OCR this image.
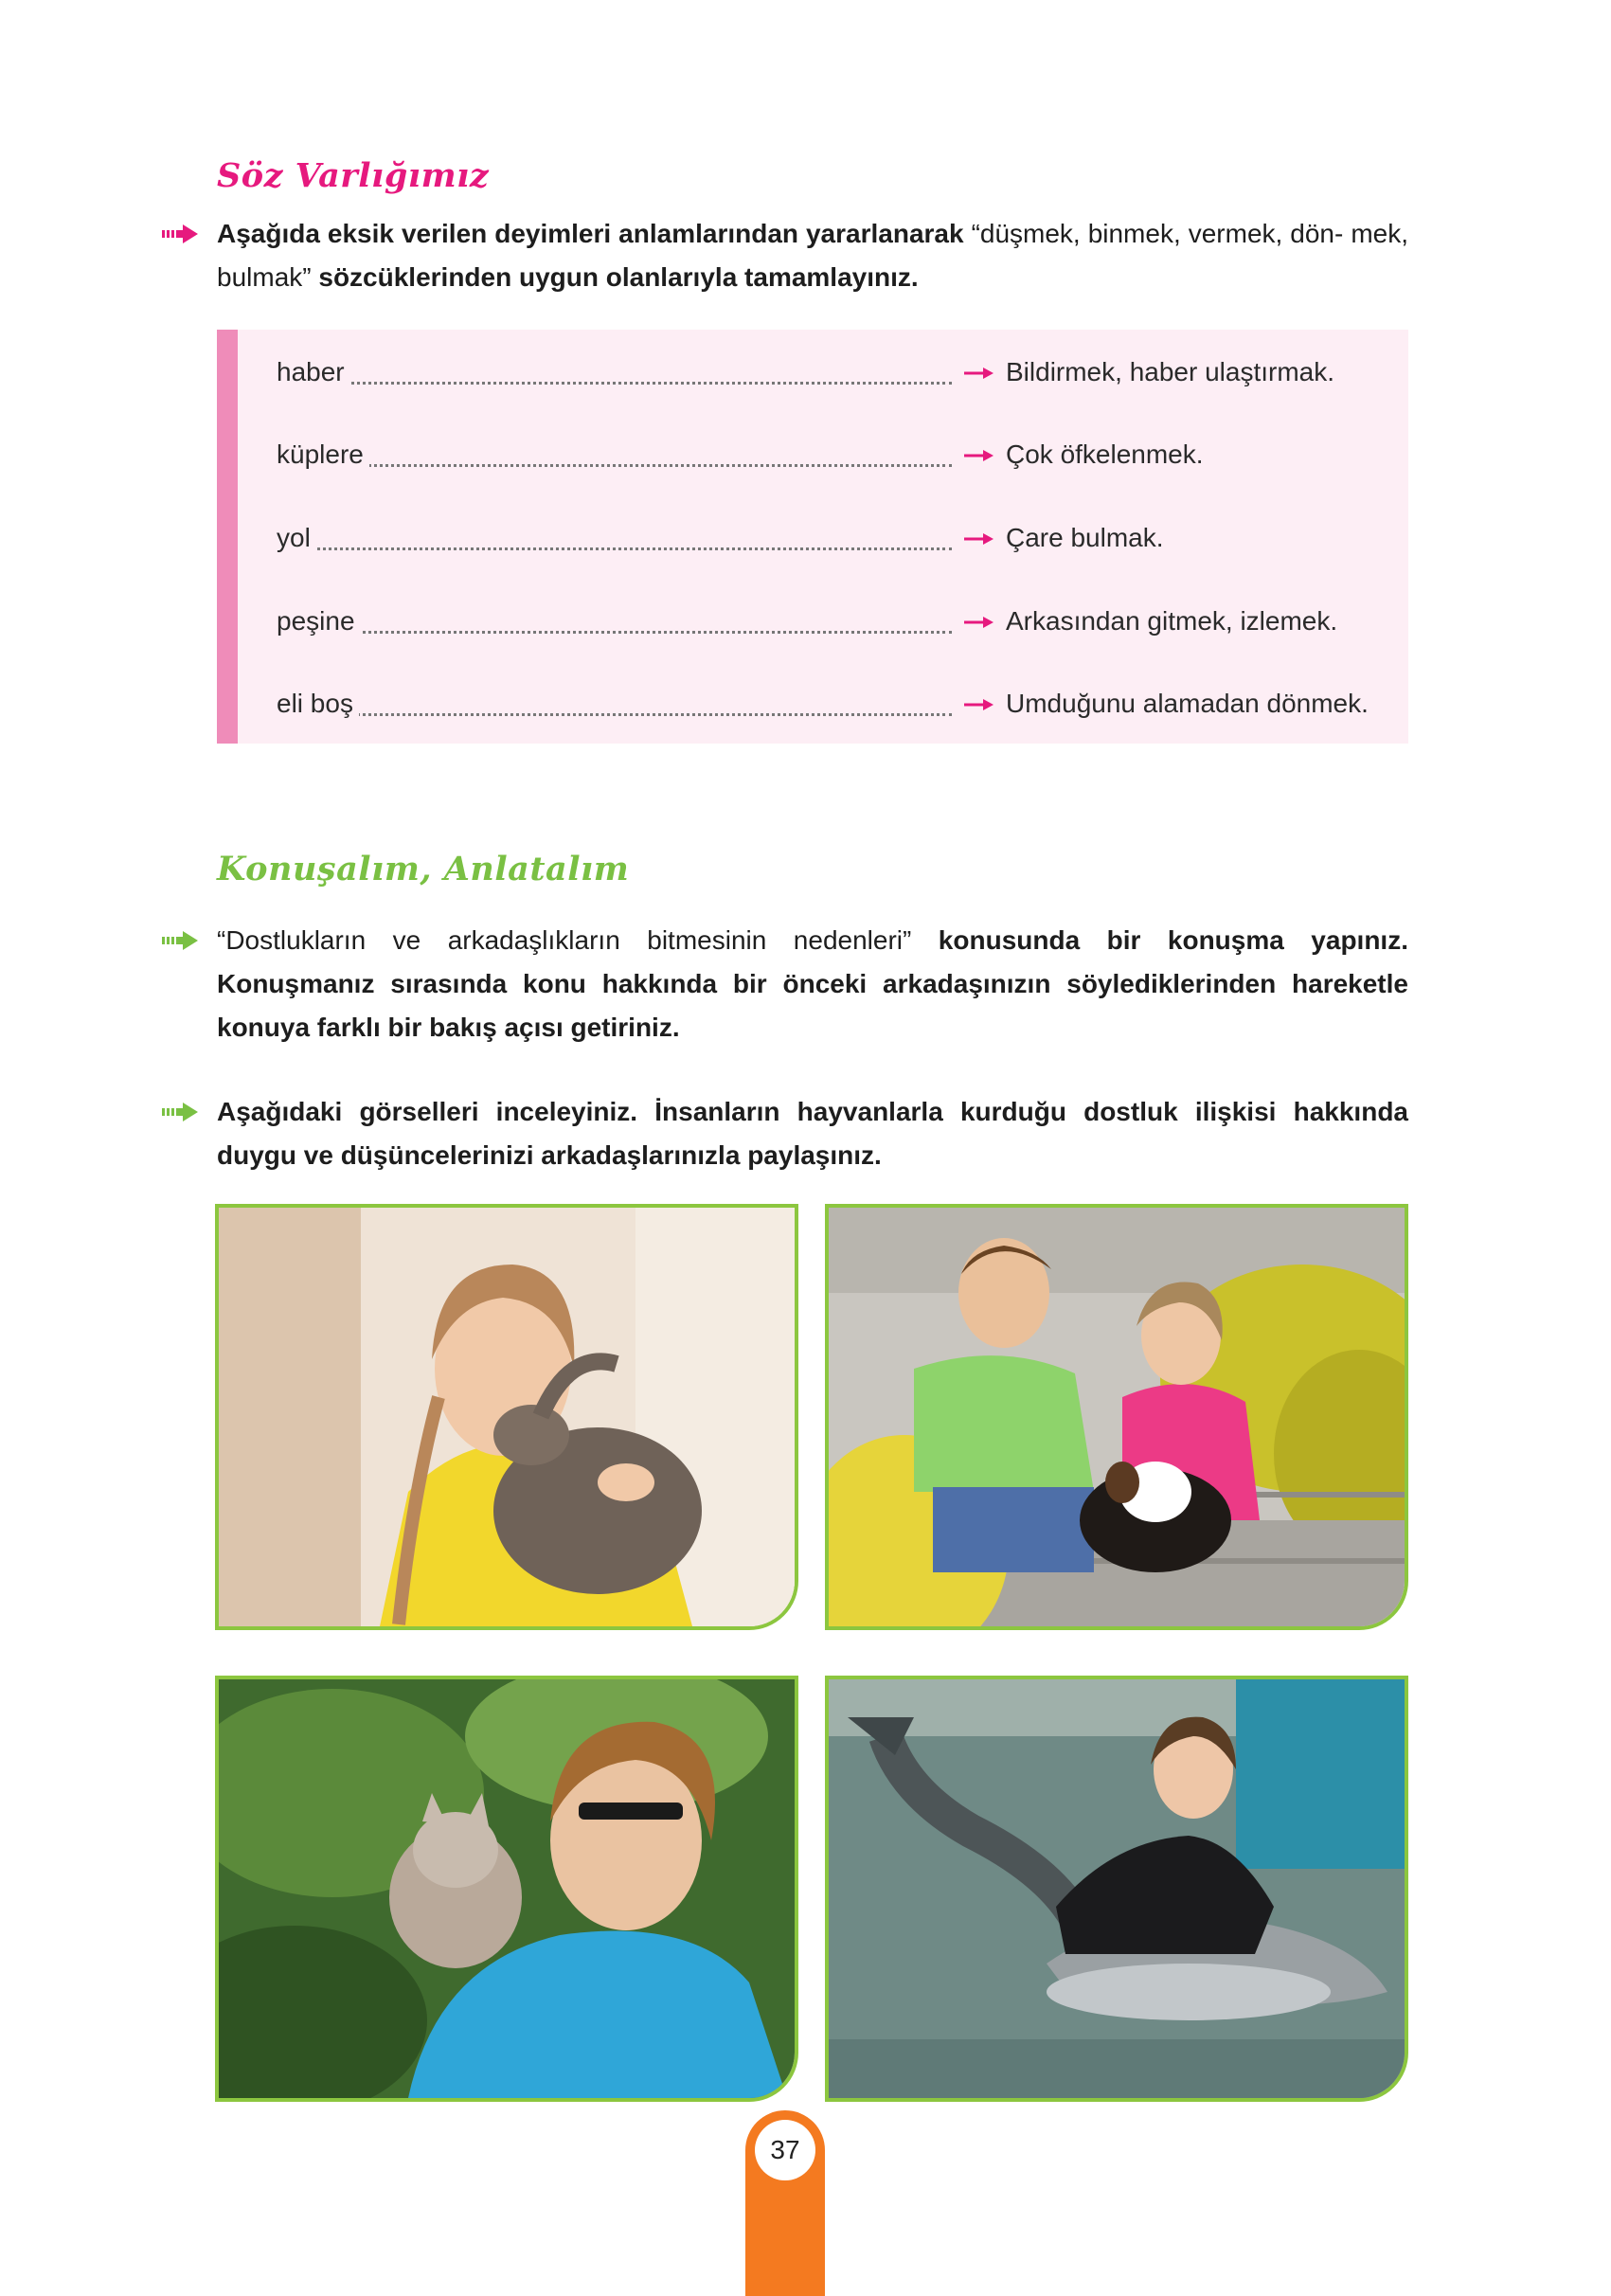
Söz Varlığımız
Aşağıda eksik verilen deyimleri anlamlarından yararlanarak “düşmek, binmek, vermek, dön- mek, bulmak” sözcüklerinden uygun olanlarıyla tamamlayınız.
haber	Bildirmek, haber ulaştırmak.
küplere	Çok öfkelenmek.
yol	Çare bulmak.
peşine	Arkasından gitmek, izlemek.
eli boş	Umduğunu alamadan dönmek.
Konuşalım, Anlatalım
“Dostlukların ve arkadaşlıkların bitmesinin nedenleri” konusunda bir konuşma yapınız. Konuşmanız sırasında konu hakkında bir önceki arkadaşınızın söylediklerinden hareketle konuya farklı bir bakış açısı getiriniz.
Aşağıdaki görselleri inceleyiniz. İnsanların hayvanlarla kurduğu dostluk ilişkisi hakkında duygu ve düşüncelerinizi arkadaşlarınızla paylaşınız.
37
